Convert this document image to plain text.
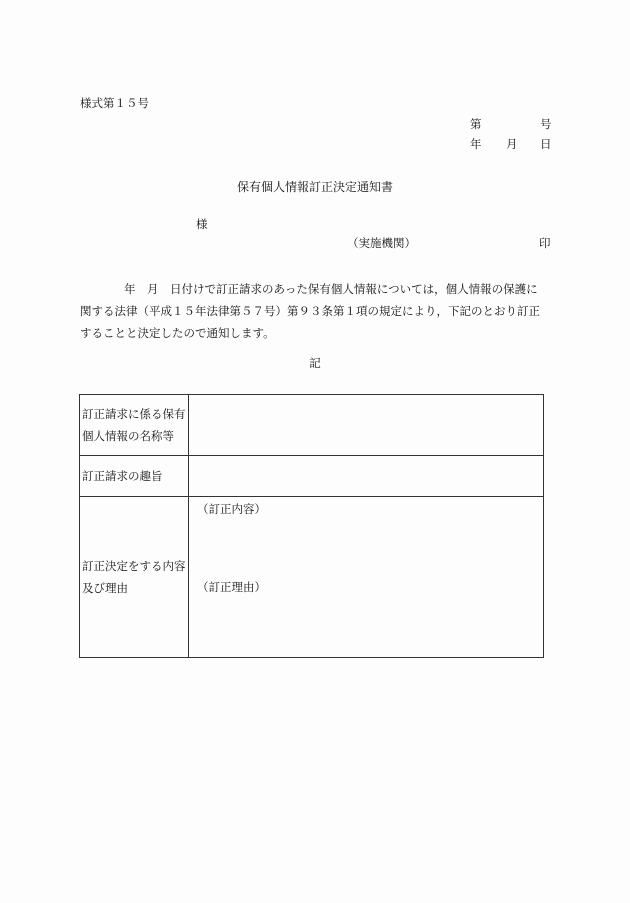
様式第１５号
第	号
年 月 日
保有個人情報訂正決定通知書
様
（実施機関）	印
年　月　日付けで訂正請求のあった保有個人情報については，個人情報の保護に
関する法律（平成１５年法律第５７号）第９３条第１項の規定により，下記のとおり訂正
することと決定したので通知します。
記
訂正請求に係る保有
個人情報の名称等	

訂正請求の趣旨	

訂正決定をする内容
及び理由	（訂正内容）
（訂正理由）
